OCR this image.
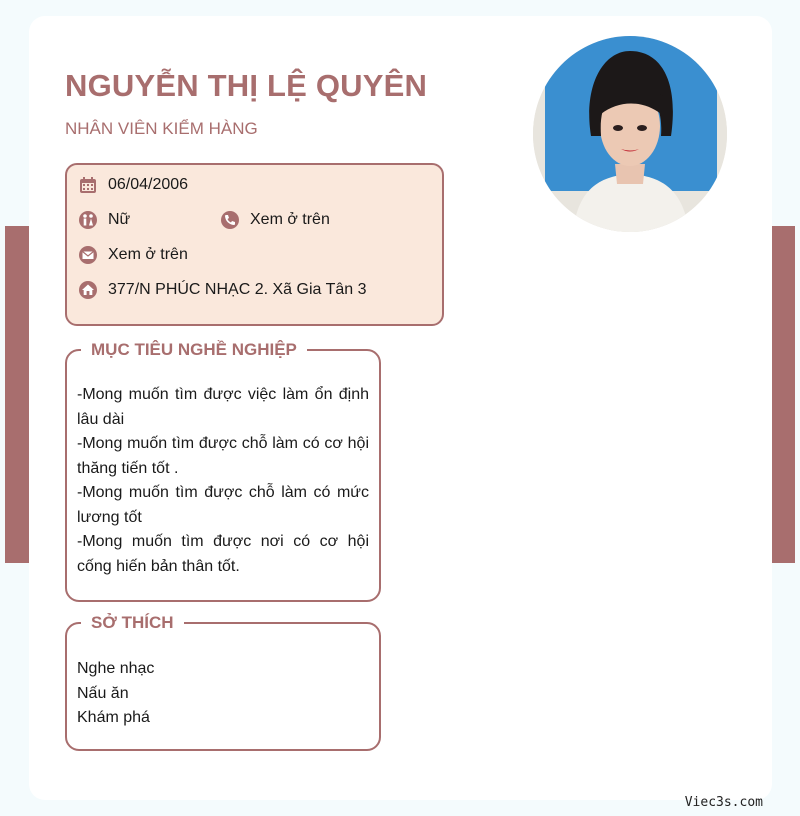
NGUYỄN THỊ LỆ QUYÊN
NHÂN VIÊN KIỂM HÀNG
06/04/2006
Nữ	Xem ở trên
Xem ở trên
377/N PHÚC NHẠC 2. Xã Gia Tân 3
MỤC TIÊU NGHỀ NGHIỆP
-Mong muốn tìm được việc làm ổn định lâu dài
-Mong muốn tìm được chỗ làm có cơ hội thăng tiến tốt .
-Mong muốn tìm được chỗ làm có mức lương tốt
-Mong muốn tìm được nơi có cơ hội cống hiến bản thân tốt.
SỞ THÍCH
Nghe nhạc
Nấu ăn
Khám phá
Viec3s.com
